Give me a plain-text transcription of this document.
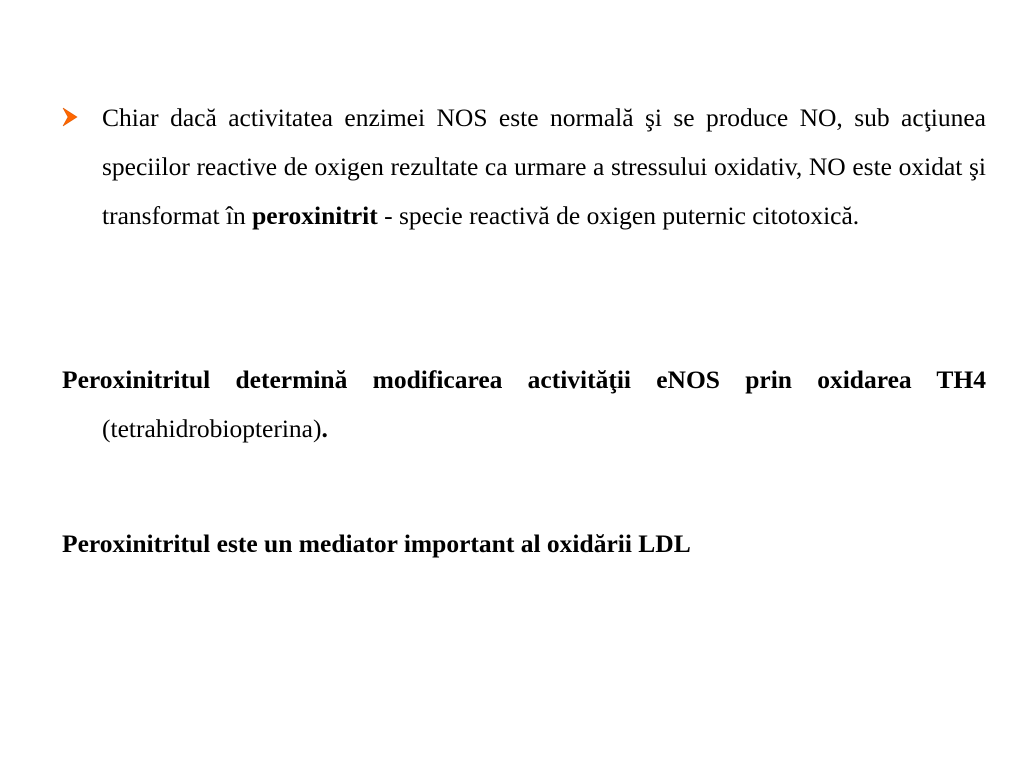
Chiar dacă activitatea enzimei NOS este normală şi se produce NO, sub acţiunea speciilor reactive de oxigen rezultate ca urmare a stressului oxidativ, NO este oxidat şi transformat în peroxinitrit - specie reactivă de oxigen puternic citotoxică.
Peroxinitritul determină modificarea activităţii eNOS prin oxidarea TH4 (tetrahidrobiopterina).
Peroxinitritul este un mediator important al oxidării LDL
